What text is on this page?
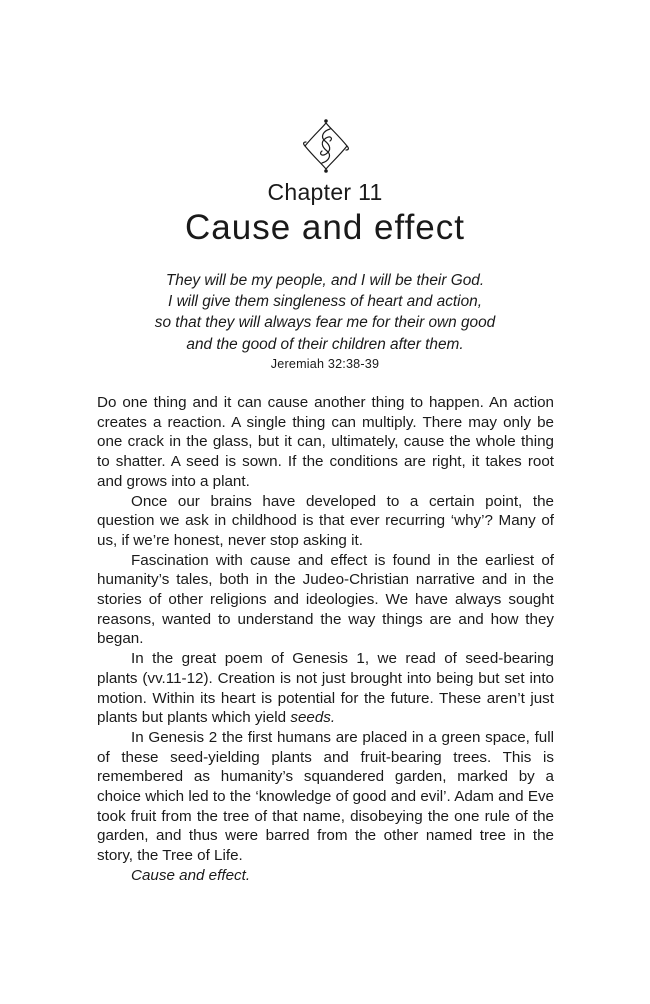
Chapter 11
Cause and effect
They will be my people, and I will be their God.
I will give them singleness of heart and action,
so that they will always fear me for their own good
and the good of their children after them.
Jeremiah 32:38-39

Do one thing and it can cause another thing to happen. An action creates a reaction. A single thing can multiply. There may only be one crack in the glass, but it can, ultimately, cause the whole thing to shatter. A seed is sown. If the conditions are right, it takes root and grows into a plant.

Once our brains have developed to a certain point, the question we ask in childhood is that ever recurring ‘why’? Many of us, if we’re honest, never stop asking it.

Fascination with cause and effect is found in the earliest of humanity’s tales, both in the Judeo-Christian narrative and in the stories of other religions and ideologies. We have always sought reasons, wanted to understand the way things are and how they began.

In the great poem of Genesis 1, we read of seed-bearing plants (vv.11-12). Creation is not just brought into being but set into motion. Within its heart is potential for the future. These aren’t just plants but plants which yield seeds.

In Genesis 2 the first humans are placed in a green space, full of these seed-yielding plants and fruit-bearing trees. This is remembered as humanity’s squandered garden, marked by a choice which led to the ‘knowledge of good and evil’. Adam and Eve took fruit from the tree of that name, disobeying the one rule of the garden, and thus were barred from the other named tree in the story, the Tree of Life.

Cause and effect.
